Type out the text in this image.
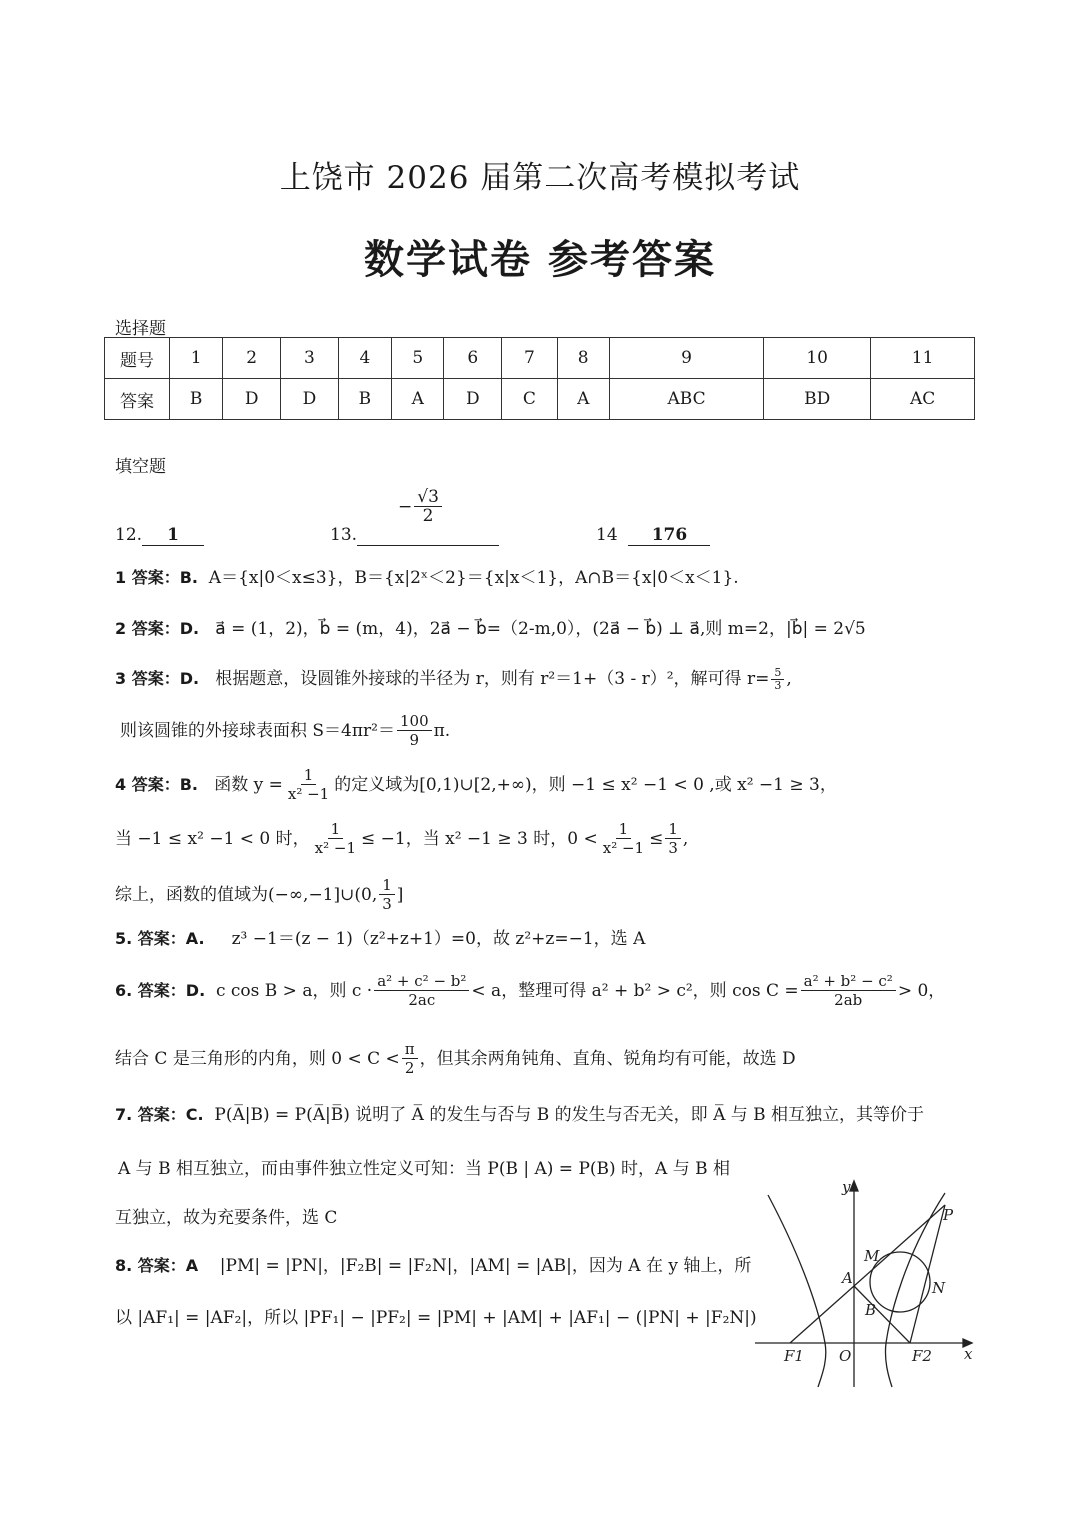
上饶市 2026 届第二次高考模拟考试
数学试卷 参考答案
选择题
题号	1	2	3	4	5	6	7	8	9	10	11
答案	B	D	D	B	A	D	C	A	ABC	BD	AC
填空题
12. 1	13.
− $\frac{√3}{2}$
14 176
1 答案：B. A＝{x|0＜x≤3}，B＝{x|2ˣ＜2}＝{x|x＜1}，A∩B＝{x|0＜x＜1}.
2 答案：D. a⃗ = (1，2)，b⃗ = (m，4)，2a⃗ − b⃗=（2-m,0），(2a⃗ − b⃗) ⊥ a⃗,则 m=2，|b⃗| = 2√5
3 答案：D. 根据题意，设圆锥外接球的半径为 r，则有 r²＝1+（3 - r）²，解可得 $r= \frac{5}{3}$ ,
则该圆锥的外接球表面积 $S=4\pi r^2= \frac{100}{9} \pi$.
4 答案：B.
函数 $y = \frac{1}{\text{x² −1}}$ 的定义域为[0,1)∪[2,+∞)，则 −1 ≤ x² −1 < 0 ,或 x² −1 ≥ 3，
当 −1 ≤ x² −1 < 0 时， $\frac{1}{\text{x² −1}} \le -1$，当 x² −1 ≥ 3 时，$0 < \frac{1}{\text{x² −1}} \le \frac{1}{3}$ ,
综上，函数的值域为(−∞,−1]∪(0, $\frac{1}{3}$ ]
5. 答案：A. z³ −1＝(z − 1)（z²+z+1）=0，故 z²+z=−1，选 A
6. 答案：D.
c cos B > a，则 $c \cdot \frac{\text{a² + c² − b²}}{2ac} < a$，整理可得 a² + b² > c²，则 $\cos C = \frac{\text{a² + b² − c²}}{2ab} > 0$，
结合 C 是三角形的内角，则 $0 < C < \frac{\pi}{2}$ ，但其余两角钝角、直角、锐角均有可能，故选 D
7. 答案：C. P(A̅|B) = P(A̅|B̅) 说明了 A̅ 的发生与否与 B 的发生与否无关，即 A̅ 与 B 相互独立，其等价于
A 与 B 相互独立，而由事件独立性定义可知：当 P(B | A) = P(B) 时，A 与 B 相
互独立，故为充要条件，选 C
8. 答案：A |PM| = |PN|，|F₂B| = |F₂N|，|AM| = |AB|，因为 A 在 y 轴上，所
以 |AF₁| = |AF₂|，所以 |PF₁| − |PF₂| = |PM| + |AM| + |AF₁| − (|PN| + |F₂N|)
y
P
M
A
N
B
F1 O	F2 x
